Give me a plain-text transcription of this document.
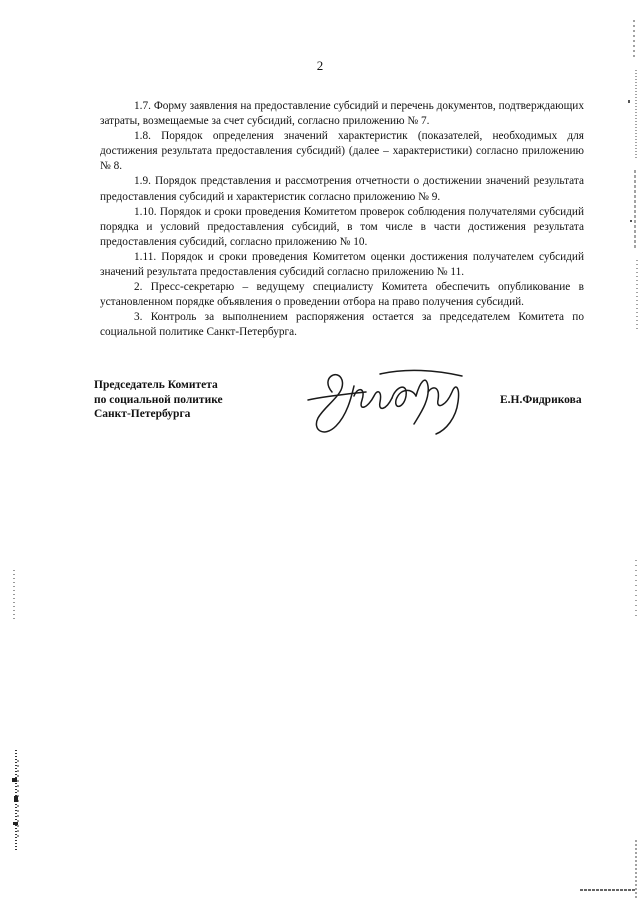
2

1.7. Форму заявления на предоставление субсидий и перечень документов, подтверждающих затраты, возмещаемые за счет субсидий, согласно приложению № 7.

1.8. Порядок определения значений характеристик (показателей, необходимых для достижения результата предоставления субсидий) (далее – характеристики) согласно приложению № 8.

1.9. Порядок представления и рассмотрения отчетности о достижении значений результата предоставления субсидий и характеристик согласно приложению № 9.

1.10. Порядок и сроки проведения Комитетом проверок соблюдения получателями субсидий порядка и условий предоставления субсидий, в том числе в части достижения результата предоставления субсидий, согласно приложению № 10.

1.11. Порядок и сроки проведения Комитетом оценки достижения получателем субсидий значений результата предоставления субсидий согласно приложению № 11.

2. Пресс-секретарю – ведущему специалисту Комитета обеспечить опубликование в установленном порядке объявления о проведении отбора на право получения субсидий.

3. Контроль за выполнением распоряжения остается за председателем Комитета по социальной политике Санкт-Петербурга.

Председатель Комитета
по социальной политике
Санкт-Петербурга
Е.Н.Фидрикова
